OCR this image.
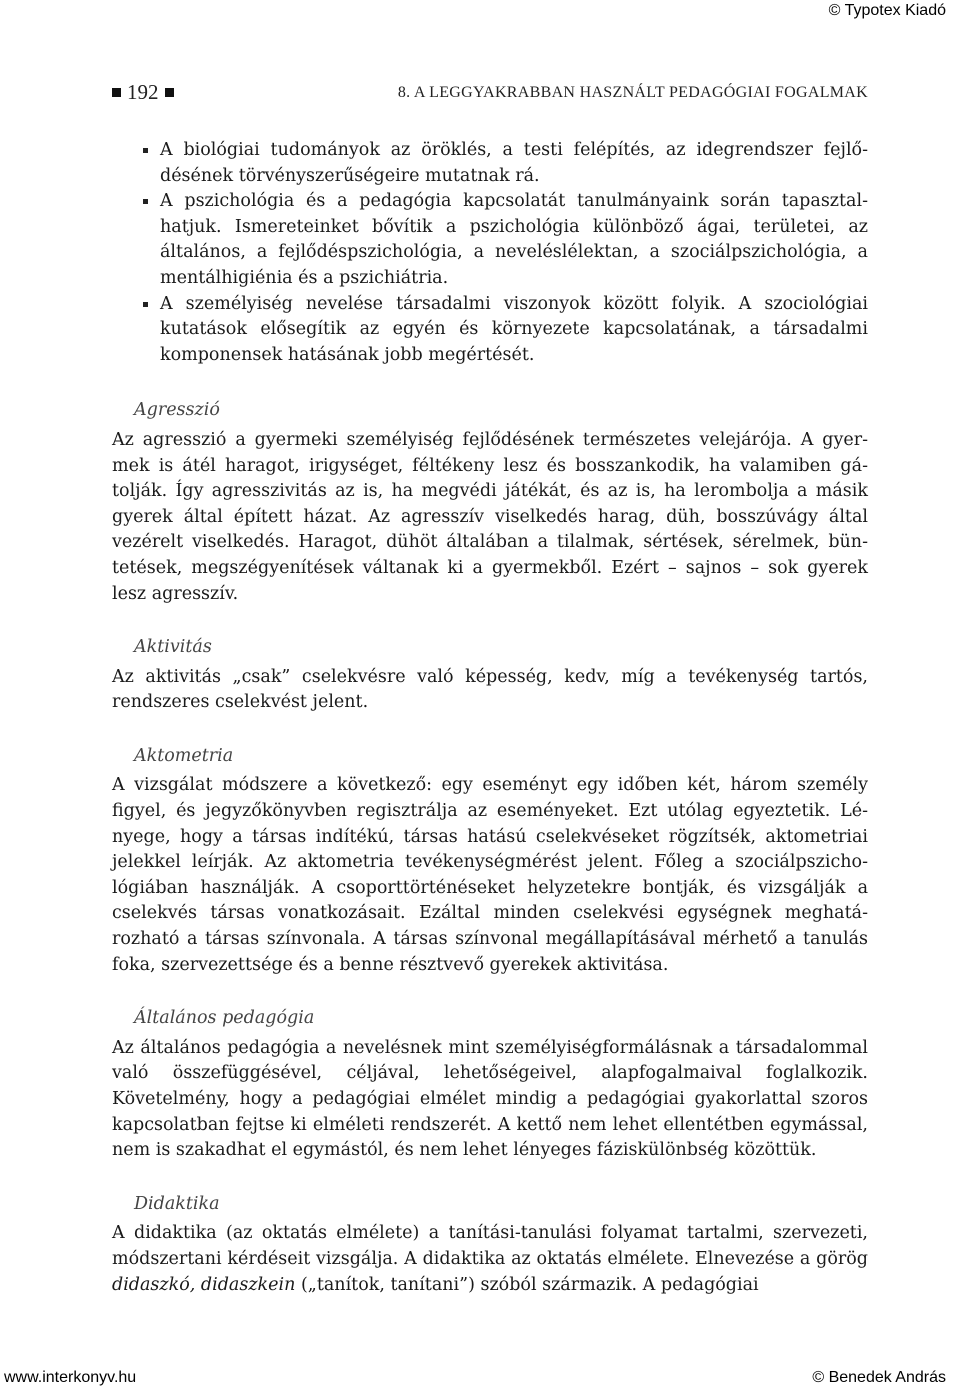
© Typotex Kiadó
192	8. A LEGGYAKRABBAN HASZNÁLT PEDAGÓGIAI FOGALMAK
A biológiai tudományok az öröklés, a testi felépítés, az idegrendszer fejlődésének törvényszerűségeire mutatnak rá.
A pszichológia és a pedagógia kapcsolatát tanulmányaink során tapasztalhatjuk. Ismereteinket bővítik a pszichológia különböző ágai, területei, az általános, a fejlődéspszichológia, a neveléslélektan, a szociálpszichológia, a mentálhigiénia és a pszichiátria.
A személyiség nevelése társadalmi viszonyok között folyik. A szociológiai kutatások elősegítik az egyén és környezete kapcsolatának, a társadalmi komponensek hatásának jobb megértését.
Agresszió

Az agresszió a gyermeki személyiség fejlődésének természetes velejárója. A gyermek is átél haragot, irigységet, féltékeny lesz és bosszankodik, ha valamiben gátolják. Így agresszivitás az is, ha megvédi játékát, és az is, ha lerombolja a másik gyerek által épített házat. Az agresszív viselkedés harag, düh, bosszúvágy által vezérelt viselkedés. Haragot, dühöt általában a tilalmak, sértések, sérelmek, büntetések, megszégyenítések váltanak ki a gyermekből. Ezért – sajnos – sok gyerek lesz agresszív.

Aktivitás

Az aktivitás „csak” cselekvésre való képesség, kedv, míg a tevékenység tartós, rendszeres cselekvést jelent.

Aktometria

A vizsgálat módszere a következő: egy eseményt egy időben két, három személy figyel, és jegyzőkönyvben regisztrálja az eseményeket. Ezt utólag egyeztetik. Lényege, hogy a társas indítékú, társas hatású cselekvéseket rögzítsék, aktometriai jelekkel leírják. Az aktometria tevékenységmérést jelent. Főleg a szociálpszichológiában használják. A csoporttörténéseket helyzetekre bontják, és vizsgálják a cselekvés társas vonatkozásait. Ezáltal minden cselekvési egységnek meghatározható a társas színvonala. A társas színvonal megállapításával mérhető a tanulás foka, szervezettsége és a benne résztvevő gyerekek aktivitása.

Általános pedagógia

Az általános pedagógia a nevelésnek mint személyiségformálásnak a társadalommal való összefüggésével, céljával, lehetőségeivel, alapfogalmaival foglalkozik. Követelmény, hogy a pedagógiai elmélet mindig a pedagógiai gyakorlattal szoros kapcsolatban fejtse ki elméleti rendszerét. A kettő nem lehet ellentétben egymással, nem is szakadhat el egymástól, és nem lehet lényeges fáziskülönbség közöttük.

Didaktika

A didaktika (az oktatás elmélete) a tanítási-tanulási folyamat tartalmi, szervezeti, módszertani kérdéseit vizsgálja. A didaktika az oktatás elmélete. Elnevezése a görög didaszkó, didaszkein („tanítok, tanítani”) szóból származik. A pedagógiai

www.interkonyv.hu	© Benedek András
